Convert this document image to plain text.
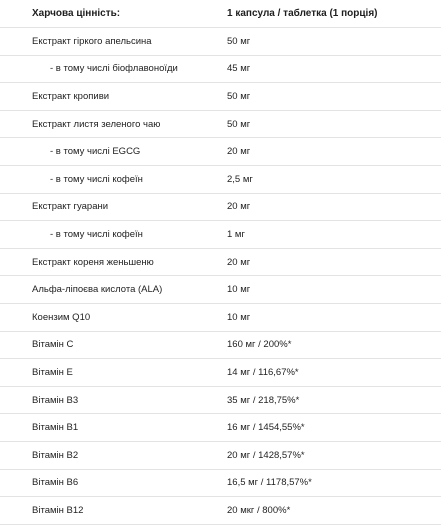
Харчова цінність:	1 капсула / таблетка (1 порція)
Екстракт гіркого апельсина	50 мг
- в тому числі біофлавоноїди	45 мг
Екстракт кропиви	50 мг
Екстракт листя зеленого чаю	50 мг
- в тому числі EGCG	20 мг
- в тому числі кофеїн	2,5 мг
Екстракт гуарани	20 мг
- в тому числі кофеїн	1 мг
Екстракт кореня женьшеню	20 мг
Альфа-ліпоєва кислота (ALA)	10 мг
Коензим Q10	10 мг
Вітамін C	160 мг / 200%*
Вітамін E	14 мг / 116,67%*
Вітамін B3	35 мг / 218,75%*
Вітамін B1	16 мг / 1454,55%*
Вітамін B2	20 мг / 1428,57%*
Вітамін B6	16,5 мг / 1178,57%*
Вітамін B12	20 мкг / 800%*
